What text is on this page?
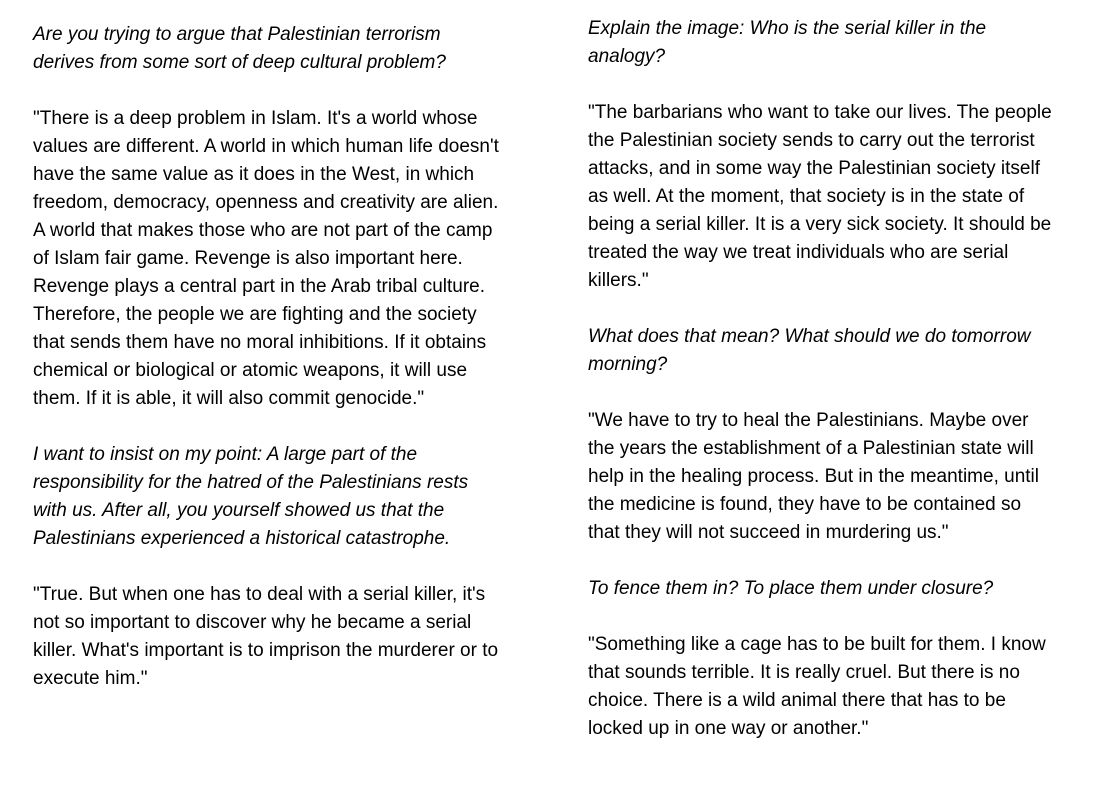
Are you trying to argue that Palestinian terrorism derives from some sort of deep cultural problem?

"There is a deep problem in Islam. It's a world whose values are different. A world in which human life doesn't have the same value as it does in the West, in which freedom, democracy, openness and creativity are alien. A world that makes those who are not part of the camp of Islam fair game. Revenge is also important here. Revenge plays a central part in the Arab tribal culture. Therefore, the people we are fighting and the society that sends them have no moral inhibitions. If it obtains chemical or biological or atomic weapons, it will use them. If it is able, it will also commit genocide."

I want to insist on my point: A large part of the responsibility for the hatred of the Palestinians rests with us. After all, you yourself showed us that the Palestinians experienced a historical catastrophe.

"True. But when one has to deal with a serial killer, it's not so important to discover why he became a serial killer. What's important is to imprison the murderer or to execute him."

Explain the image: Who is the serial killer in the analogy?

"The barbarians who want to take our lives. The people the Palestinian society sends to carry out the terrorist attacks, and in some way the Palestinian society itself as well. At the moment, that society is in the state of being a serial killer. It is a very sick society. It should be treated the way we treat individuals who are serial killers."

What does that mean? What should we do tomorrow morning?

"We have to try to heal the Palestinians. Maybe over the years the establishment of a Palestinian state will help in the healing process. But in the meantime, until the medicine is found, they have to be contained so that they will not succeed in murdering us."

To fence them in? To place them under closure?

"Something like a cage has to be built for them. I know that sounds terrible. It is really cruel. But there is no choice. There is a wild animal there that has to be locked up in one way or another."
